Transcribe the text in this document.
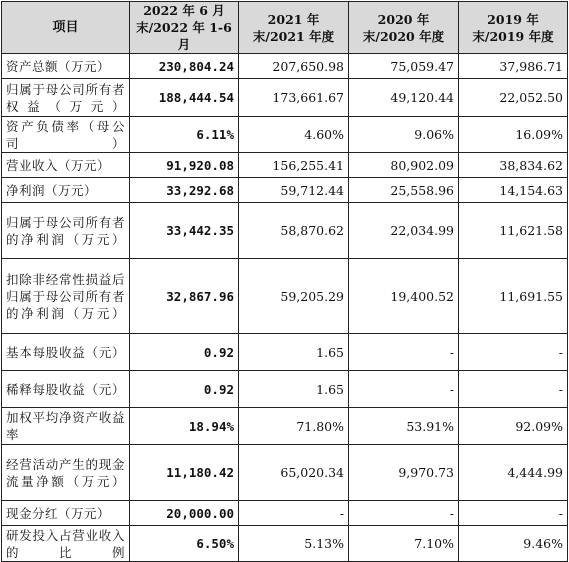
项目	2022 年 6 月末/2022 年 1-6 月	2021 年末/2021 年度	2020 年末/2020 年度	2019 年末/2019 年度
资产总额（万元）	230,804.24	207,650.98	75,059.47	37,986.71
归属于母公司所有者权益（万元）	188,444.54	173,661.67	49,120.44	22,052.50
资产负债率（母公司）	6.11%	4.60%	9.06%	16.09%
营业收入（万元）	91,920.08	156,255.41	80,902.09	38,834.62
净利润（万元）	33,292.68	59,712.44	25,558.96	14,154.63
归属于母公司所有者的净利润（万元）	33,442.35	58,870.62	22,034.99	11,621.58
扣除非经常性损益后归属于母公司所有者的净利润（万元）	32,867.96	59,205.29	19,400.52	11,691.55
基本每股收益（元）	0.92	1.65	-	-
稀释每股收益（元）	0.92	1.65	-	-
加权平均净资产收益率	18.94%	71.80%	53.91%	92.09%
经营活动产生的现金流量净额（万元）	11,180.42	65,020.34	9,970.73	4,444.99
现金分红（万元）	20,000.00	-	-	-
研发投入占营业收入的比例	6.50%	5.13%	7.10%	9.46%
